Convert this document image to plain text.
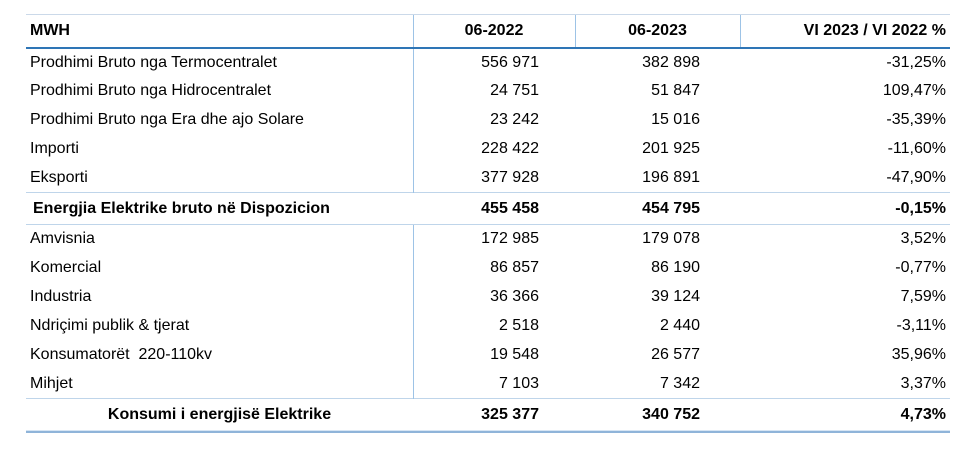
MWH	06-2022	06-2023	VI 2023 / VI 2022 %
Prodhimi Bruto nga Termocentralet	556 971	382 898	-31,25%
Prodhimi Bruto nga Hidrocentralet	24 751	51 847	109,47%
Prodhimi Bruto nga Era dhe ajo Solare	23 242	15 016	-35,39%
Importi	228 422	201 925	-11,60%
Eksporti	377 928	196 891	-47,90%
Energjia Elektrike bruto në Dispozicion	455 458	454 795	-0,15%
Amvisnia	172 985	179 078	3,52%
Komercial	86 857	86 190	-0,77%
Industria	36 366	39 124	7,59%
Ndriçimi publik & tjerat	2 518	2 440	-3,11%
Konsumatorët  220-110kv	19 548	26 577	35,96%
Mihjet	7 103	7 342	3,37%
Konsumi i energjisë Elektrike	325 377	340 752	4,73%
